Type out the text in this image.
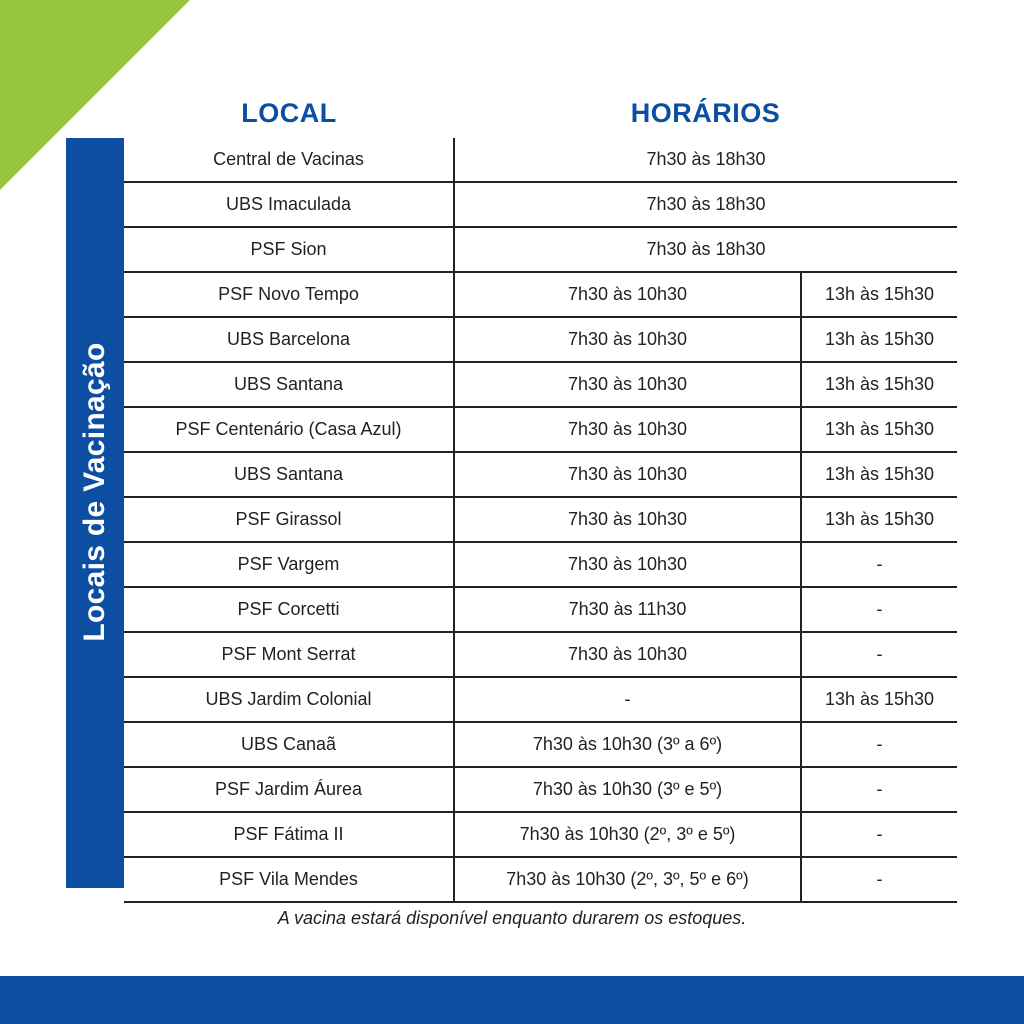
LOCAL	HORÁRIOS
Locais de Vacinação
Central de Vacinas	7h30 às 18h30	
UBS Imaculada	7h30 às 18h30	
PSF Sion	7h30 às 18h30	
PSF Novo Tempo	7h30 às 10h30	13h às 15h30
UBS Barcelona	7h30 às 10h30	13h às 15h30
UBS Santana	7h30 às 10h30	13h às 15h30
PSF Centenário (Casa Azul)	7h30 às 10h30	13h às 15h30
UBS Santana	7h30 às 10h30	13h às 15h30
PSF Girassol	7h30 às 10h30	13h às 15h30
PSF Vargem	7h30 às 10h30	-
PSF Corcetti	7h30 às 11h30	-
PSF Mont Serrat	7h30 às 10h30	-
UBS Jardim Colonial	-	13h às 15h30
UBS Canaã	7h30 às 10h30 (3º a 6º)	-
PSF Jardim Áurea	7h30 às 10h30 (3º e 5º)	-
PSF Fátima II	7h30 às 10h30 (2º, 3º e 5º)	-
PSF Vila Mendes	7h30 às 10h30 (2º, 3º, 5º e 6º)	-
A vacina estará disponível enquanto durarem os estoques.
